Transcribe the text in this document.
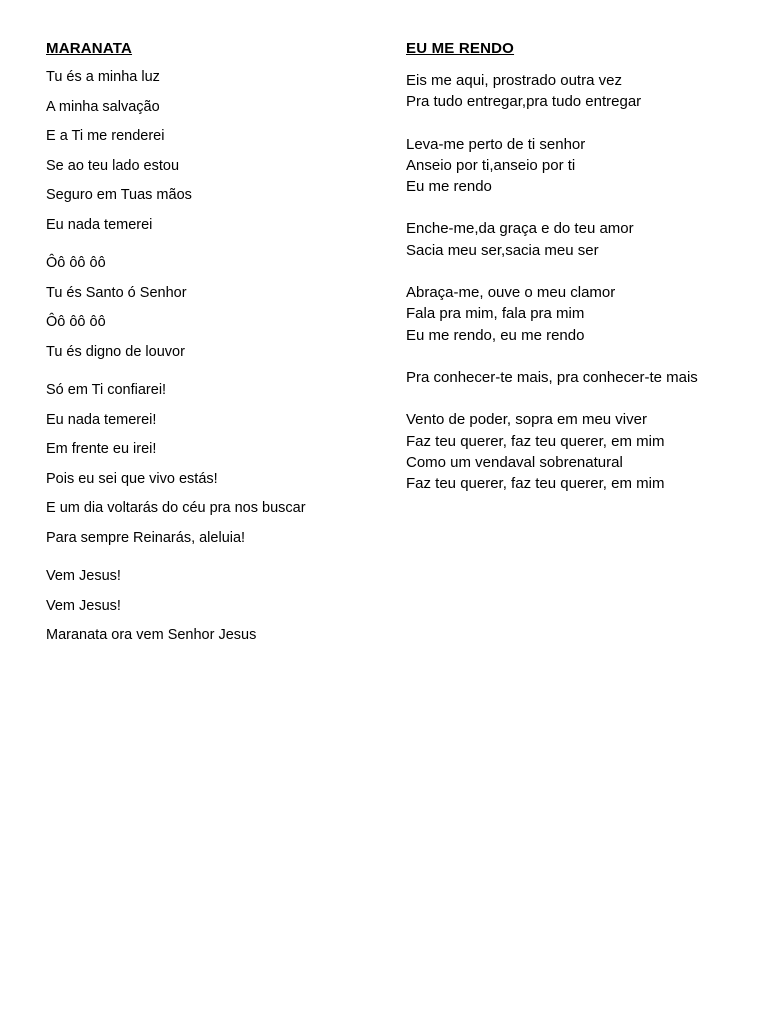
MARANATA

Tu és a minha luz

A minha salvação

E a Ti me renderei

Se ao teu lado estou

Seguro em Tuas mãos

Eu nada temerei

Ôô ôô ôô

Tu és Santo ó Senhor

Ôô ôô ôô

Tu és digno de louvor

Só em Ti confiarei!

Eu nada temerei!

Em frente eu irei!

Pois eu sei que vivo estás!

E um dia voltarás do céu pra nos buscar

Para sempre Reinarás, aleluia!

Vem Jesus!

Vem Jesus!

Maranata ora vem Senhor Jesus

EU ME RENDO

Eis me aqui, prostrado outra vez

Pra tudo entregar,pra tudo entregar

Leva-me perto de ti senhor

Anseio por ti,anseio por ti

Eu me rendo

Enche-me,da graça e do teu amor

Sacia meu ser,sacia meu ser

Abraça-me, ouve o meu clamor

Fala pra mim, fala pra mim

Eu me rendo, eu me rendo

Pra conhecer-te mais, pra conhecer-te mais

Vento de poder, sopra em meu viver

Faz teu querer, faz teu querer, em mim

Como um vendaval sobrenatural

Faz teu querer, faz teu querer, em mim
